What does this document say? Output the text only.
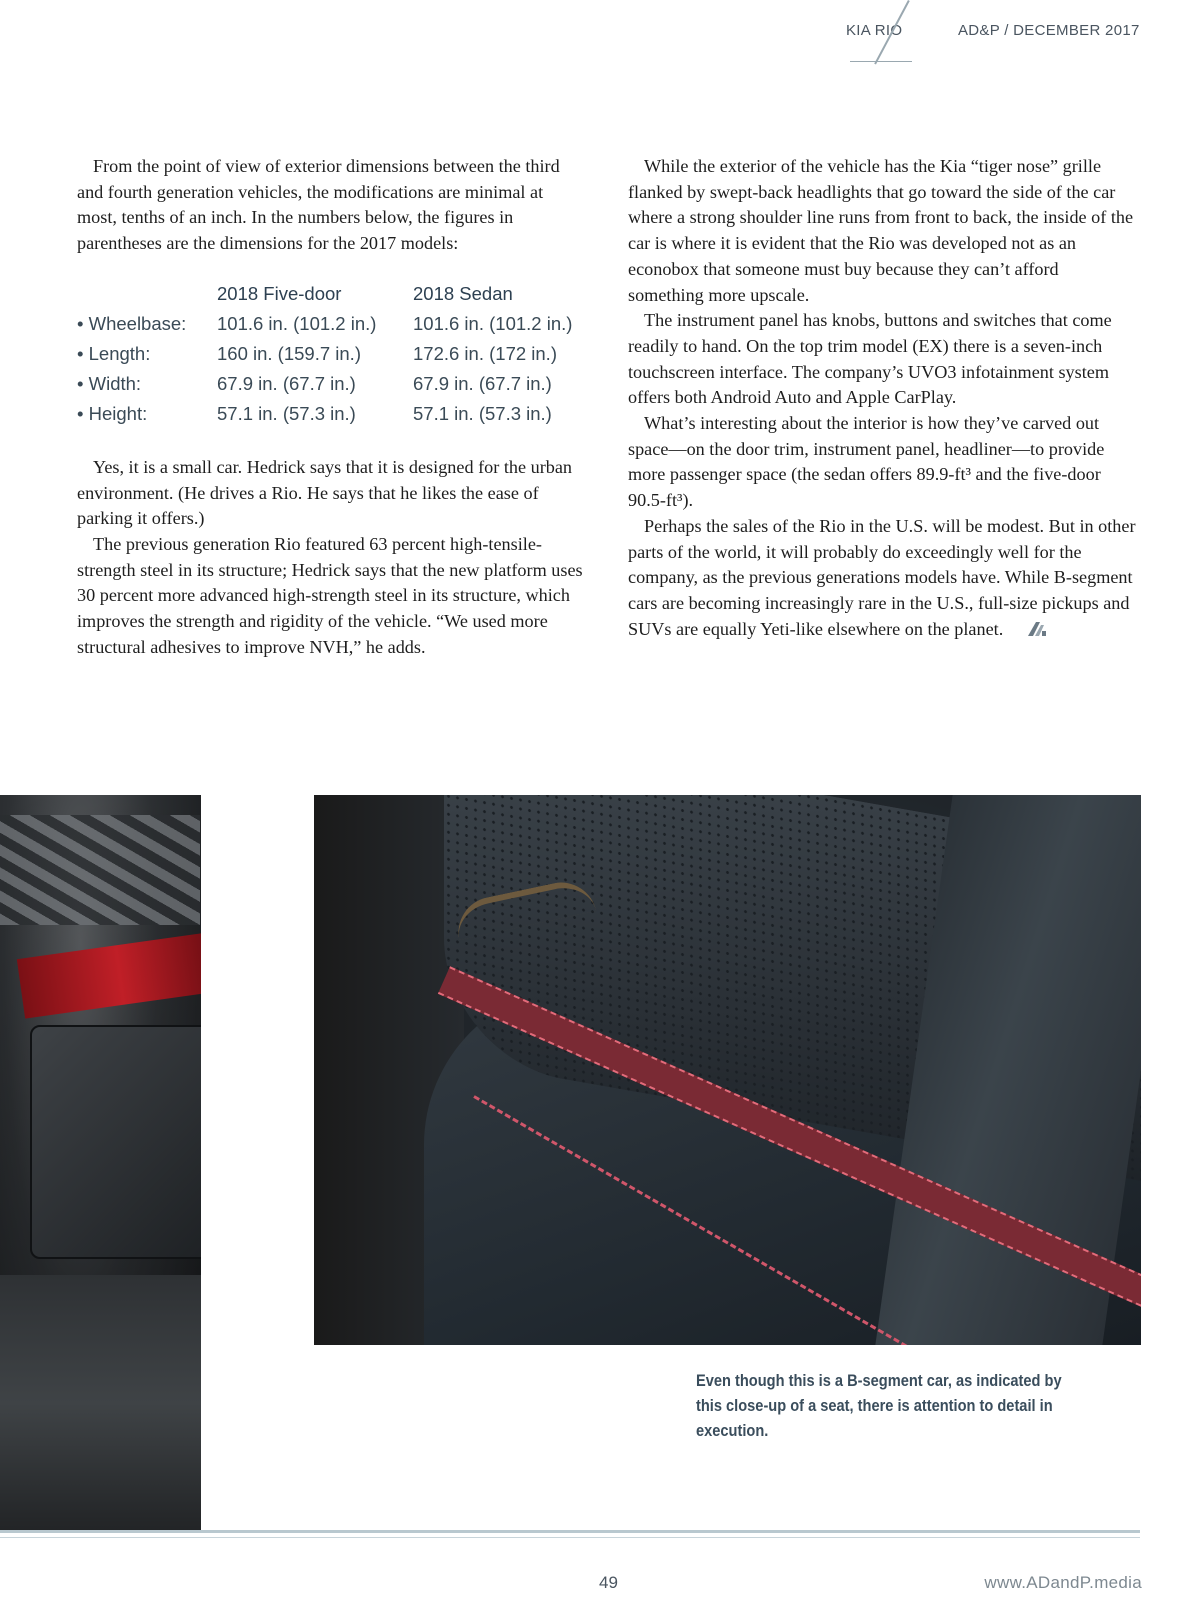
KIA RIO	AD&P / DECEMBER 2017

From the point of view of exterior dimensions between the third and fourth generation vehicles, the modifications are minimal at most, tenths of an inch. In the numbers below, the figures in parentheses are the dimensions for the 2017 models:

	2018 Five-door	2018 Sedan
• Wheelbase:	101.6 in. (101.2 in.)	101.6 in. (101.2 in.)
• Length:	160 in. (159.7 in.)	172.6 in. (172 in.)
• Width:	67.9 in. (67.7 in.)	67.9 in. (67.7 in.)
• Height:	57.1 in. (57.3 in.)	57.1 in. (57.3 in.)

Yes, it is a small car. Hedrick says that it is designed for the urban environment. (He drives a Rio. He says that he likes the ease of parking it offers.)

The previous generation Rio featured 63 percent high-tensile-strength steel in its structure; Hedrick says that the new platform uses 30 percent more advanced high-strength steel in its structure, which improves the strength and rigidity of the vehicle. “We used more structural adhesives to improve NVH,” he adds.

While the exterior of the vehicle has the Kia “tiger nose” grille flanked by swept-back headlights that go toward the side of the car where a strong shoulder line runs from front to back, the inside of the car is where it is evident that the Rio was developed not as an econobox that someone must buy because they can’t afford something more upscale.

The instrument panel has knobs, buttons and switches that come readily to hand. On the top trim model (EX) there is a seven-inch touchscreen interface. The company’s UVO3 infotainment system offers both Android Auto and Apple CarPlay.

What’s interesting about the interior is how they’ve carved out space—on the door trim, instrument panel, headliner—to provide more passenger space (the sedan offers 89.9-ft³ and the five-door 90.5-ft³).

Perhaps the sales of the Rio in the U.S. will be modest. But in other parts of the world, it will probably do exceedingly well for the company, as the previous generations models have. While B-segment cars are becoming increasingly rare in the U.S., full-size pickups and SUVs are equally Yeti-like elsewhere on the planet.

Even though this is a B-segment car, as indicated by this close-up of a seat, there is attention to detail in execution.
49	www.ADandP.media
